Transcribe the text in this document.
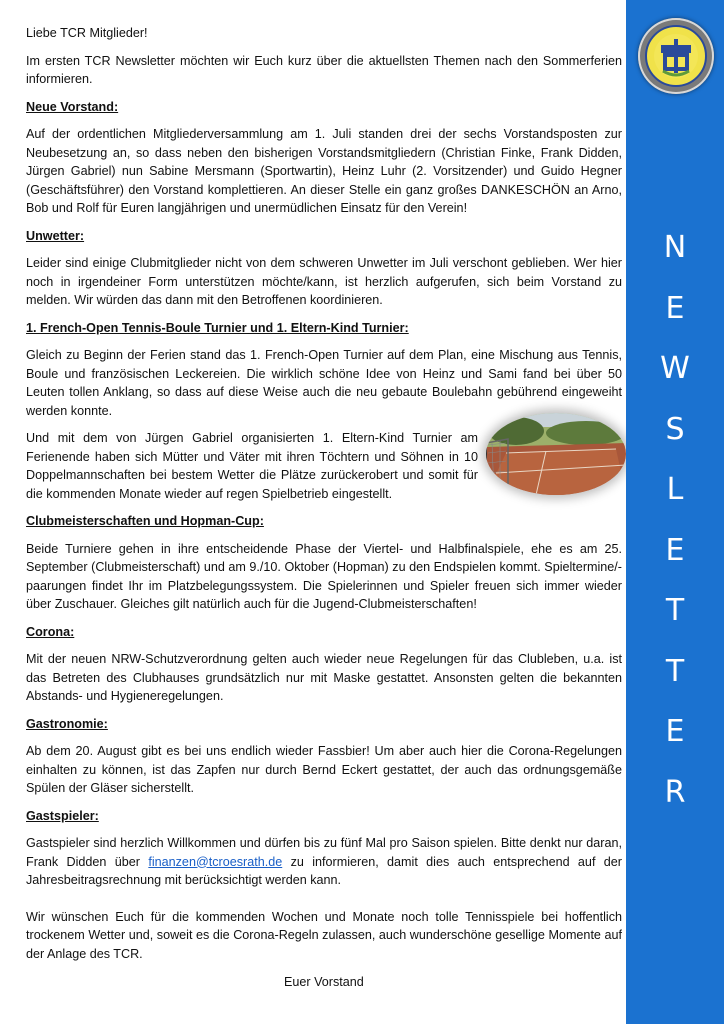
Liebe TCR Mitglieder!

Im ersten TCR Newsletter möchten wir Euch kurz über die aktuellsten Themen nach den Sommerferien informieren.

Neue Vorstand:

Auf der ordentlichen Mitgliederversammlung am 1. Juli standen drei der sechs Vorstandsposten zur Neubesetzung an, so dass neben den bisherigen Vorstandsmitgliedern (Christian Finke, Frank Didden, Jürgen Gabriel) nun Sabine Mersmann (Sportwartin), Heinz Luhr (2. Vorsitzender) und Guido Hegner (Geschäftsführer) den Vorstand komplettieren. An dieser Stelle ein ganz großes DANKESCHÖN an Arno, Bob und Rolf für Euren langjährigen und unermüdlichen Einsatz für den Verein!

Unwetter:

Leider sind einige Clubmitglieder nicht von dem schweren Unwetter im Juli verschont geblieben. Wer hier noch in irgendeiner Form unterstützen möchte/kann, ist herzlich aufgerufen, sich beim Vorstand zu melden. Wir würden das dann mit den Betroffenen koordinieren.

1. French-Open Tennis-Boule Turnier und 1. Eltern-Kind Turnier:

Gleich zu Beginn der Ferien stand das 1. French-Open Turnier auf dem Plan, eine Mischung aus Tennis, Boule und französischen Leckereien. Die wirklich schöne Idee von Heinz und Sami fand bei über 50 Leuten tollen Anklang, so dass auf diese Weise auch die neu gebaute Boulebahn gebührend eingeweiht werden konnte.

Und mit dem von Jürgen Gabriel organisierten 1. Eltern-Kind Turnier am Ferienende haben sich Mütter und Väter mit ihren Töchtern und Söhnen in 10 Doppelmannschaften bei bestem Wetter die Plätze zurückerobert und somit für die kommenden Monate wieder auf regen Spielbetrieb eingestellt.

Clubmeisterschaften und Hopman-Cup:

Beide Turniere gehen in ihre entscheidende Phase der Viertel- und Halbfinalspiele, ehe es am 25. September (Clubmeisterschaft) und am 9./10. Oktober (Hopman) zu den Endspielen kommt. Spieltermine/-paarungen findet Ihr im Platzbelegungssystem. Die Spielerinnen und Spieler freuen sich immer wieder über Zuschauer. Gleiches gilt natürlich auch für die Jugend-Clubmeisterschaften!

Corona:

Mit der neuen NRW-Schutzverordnung gelten auch wieder neue Regelungen für das Clubleben, u.a. ist das Betreten des Clubhauses grundsätzlich nur mit Maske gestattet. Ansonsten gelten die bekannten Abstands- und Hygieneregelungen.

Gastronomie:

Ab dem 20. August gibt es bei uns endlich wieder Fassbier! Um aber auch hier die Corona-Regelungen einhalten zu können, ist das Zapfen nur durch Bernd Eckert gestattet, der auch das ordnungsgemäße Spülen der Gläser sicherstellt.

Gastspieler:

Gastspieler sind herzlich Willkommen und dürfen bis zu fünf Mal pro Saison spielen. Bitte denkt nur daran, Frank Didden über finanzen@tcroesrath.de zu informieren, damit dies auch entsprechend auf der Jahresbeitragsrechnung mit berücksichtigt werden kann.

Wir wünschen Euch für die kommenden Wochen und Monate noch tolle Tennisspiele bei hoffentlich trockenem Wetter und, soweit es die Corona-Regeln zulassen, auch wunderschöne gesellige Momente auf der Anlage des TCR.

Euer Vorstand

N
E
W
S
L
E
T
T
E
R
